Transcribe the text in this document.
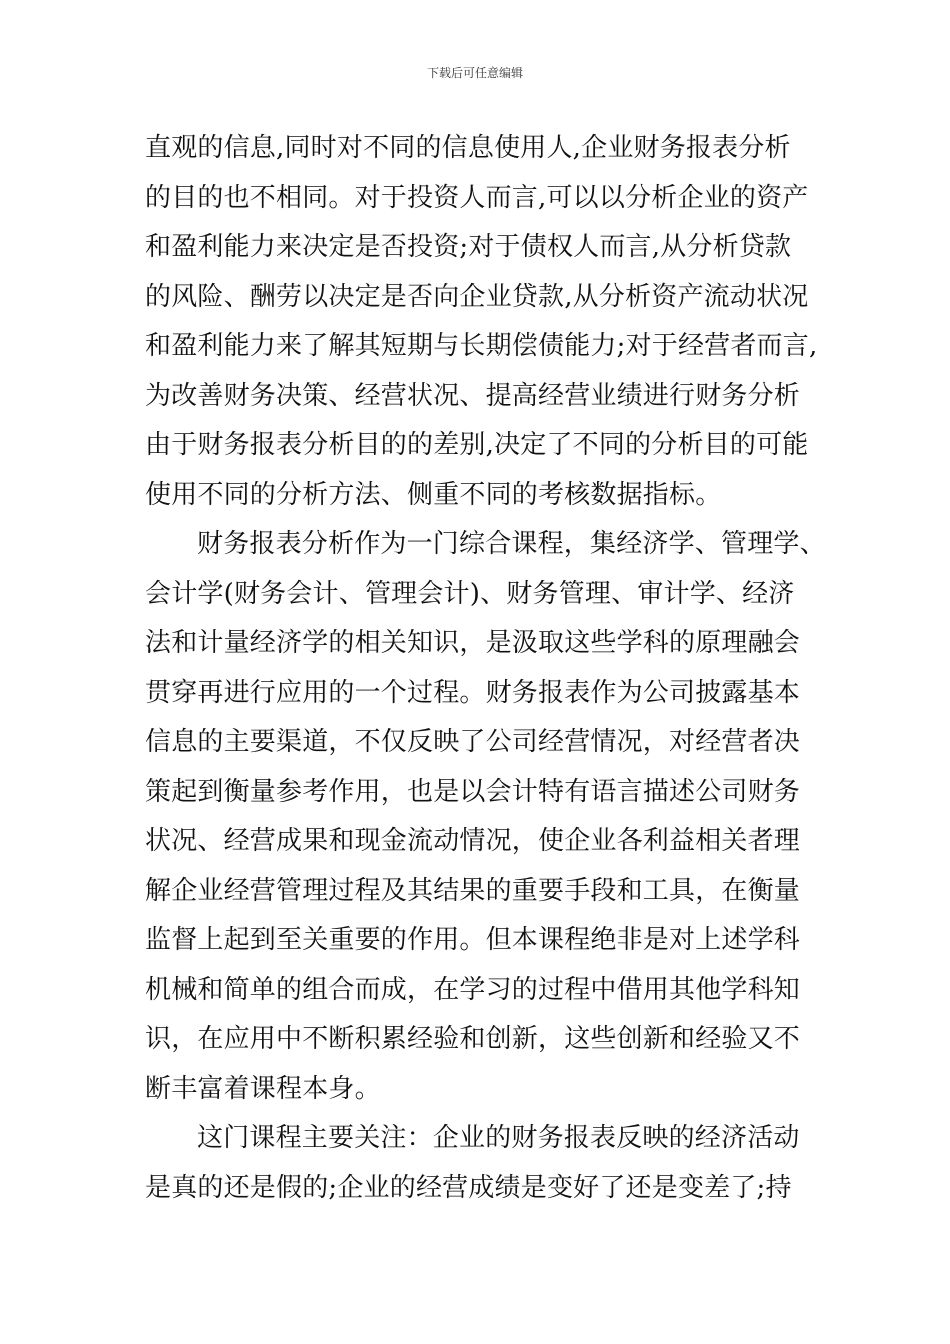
下载后可任意编辑
直观的信息,同时对不同的信息使用人,企业财务报表分析
的目的也不相同。对于投资人而言,可以以分析企业的资产
和盈利能力来决定是否投资;对于债权人而言,从分析贷款
的风险、酬劳以决定是否向企业贷款,从分析资产流动状况
和盈利能力来了解其短期与长期偿债能力;对于经营者而言,
为改善财务决策、经营状况、提高经营业绩进行财务分析
由于财务报表分析目的的差别,决定了不同的分析目的可能
使用不同的分析方法、侧重不同的考核数据指标。
财务报表分析作为一门综合课程，集经济学、管理学、
会计学(财务会计、管理会计)、财务管理、审计学、经济
法和计量经济学的相关知识，是汲取这些学科的原理融会
贯穿再进行应用的一个过程。财务报表作为公司披露基本
信息的主要渠道，不仅反映了公司经营情况，对经营者决
策起到衡量参考作用，也是以会计特有语言描述公司财务
状况、经营成果和现金流动情况，使企业各利益相关者理
解企业经营管理过程及其结果的重要手段和工具，在衡量
监督上起到至关重要的作用。但本课程绝非是对上述学科
机械和简单的组合而成，在学习的过程中借用其他学科知
识，在应用中不断积累经验和创新，这些创新和经验又不
断丰富着课程本身。
这门课程主要关注：企业的财务报表反映的经济活动
是真的还是假的;企业的经营成绩是变好了还是变差了;持
